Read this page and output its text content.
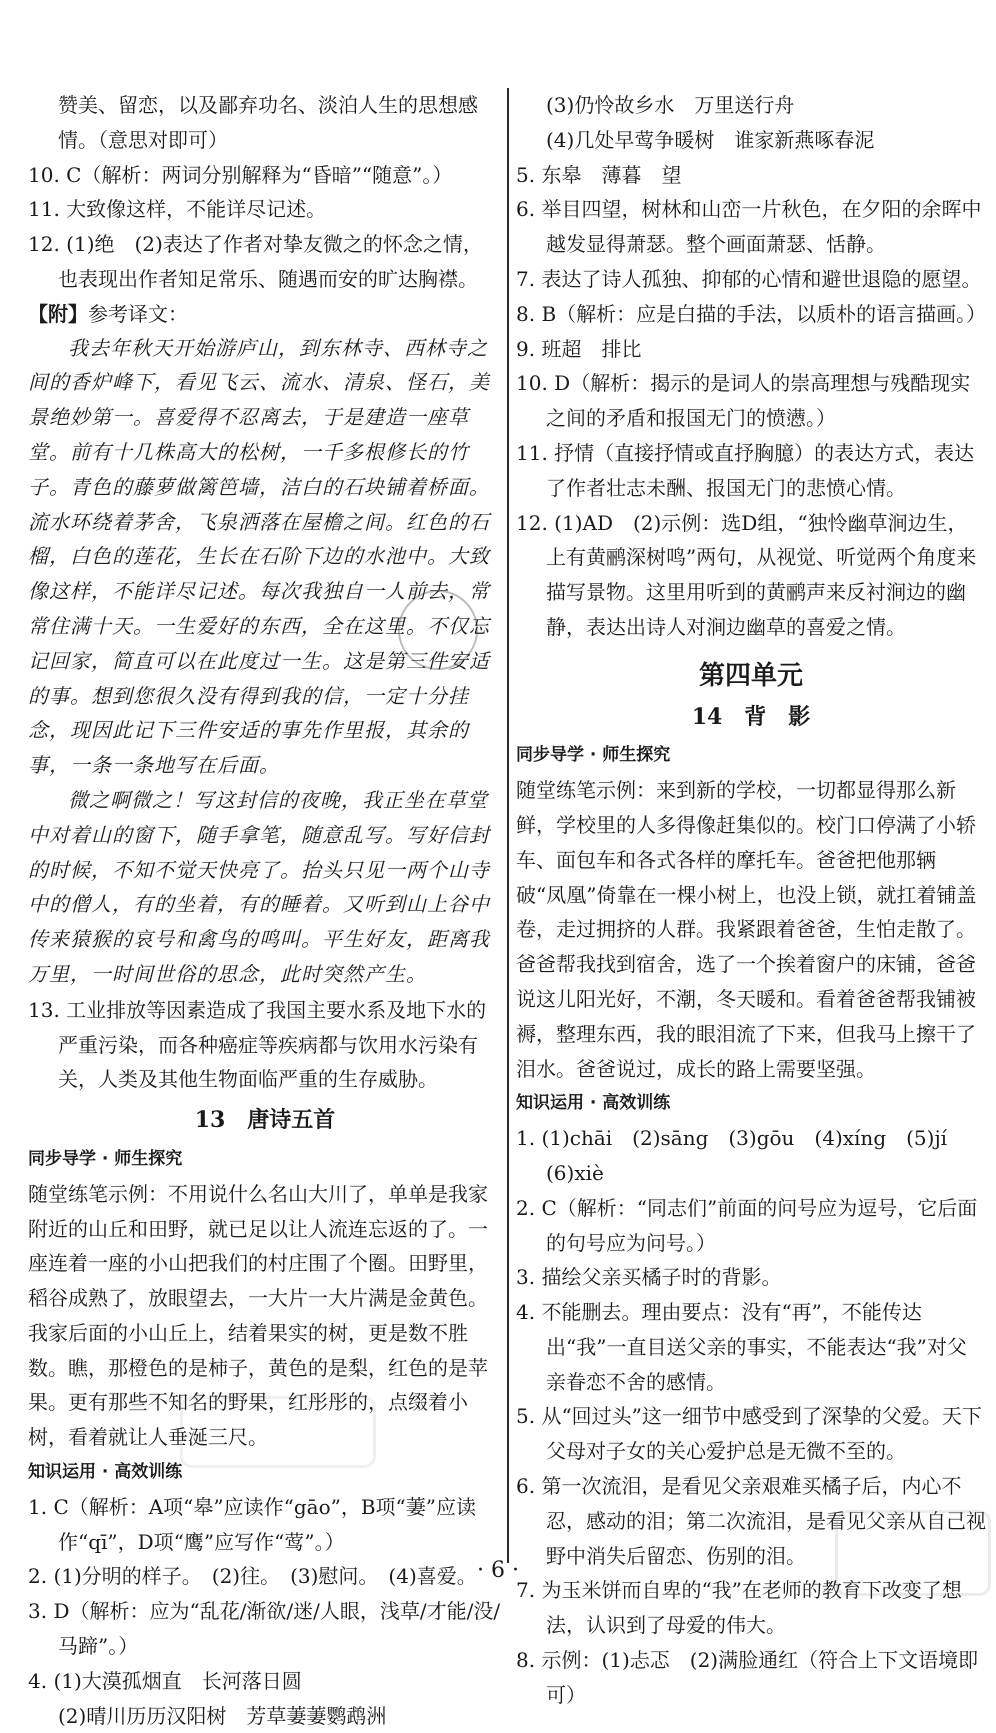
赞美、留恋，以及鄙弃功名、淡泊人生的思想感情。（意思对即可）

10. C（解析：两词分别解释为“昏暗”“随意”。）

11. 大致像这样，不能详尽记述。

12. (1)绝　(2)表达了作者对挚友微之的怀念之情，也表现出作者知足常乐、随遇而安的旷达胸襟。

【附】参考译文：

我去年秋天开始游庐山，到东林寺、西林寺之间的香炉峰下，看见飞云、流水、清泉、怪石，美景绝妙第一。喜爱得不忍离去，于是建造一座草堂。前有十几株高大的松树，一千多根修长的竹子。青色的藤萝做篱笆墙，洁白的石块铺着桥面。流水环绕着茅舍，飞泉洒落在屋檐之间。红色的石榴，白色的莲花，生长在石阶下边的水池中。大致像这样，不能详尽记述。每次我独自一人前去，常常住满十天。一生爱好的东西，全在这里。不仅忘记回家，简直可以在此度过一生。这是第三件安适的事。想到您很久没有得到我的信，一定十分挂念，现因此记下三件安适的事先作里报，其余的事，一条一条地写在后面。

微之啊微之！写这封信的夜晚，我正坐在草堂中对着山的窗下，随手拿笔，随意乱写。写好信封的时候，不知不觉天快亮了。抬头只见一两个山寺中的僧人，有的坐着，有的睡着。又听到山上谷中传来猿猴的哀号和禽鸟的鸣叫。平生好友，距离我万里，一时间世俗的思念，此时突然产生。

13. 工业排放等因素造成了我国主要水系及地下水的严重污染，而各种癌症等疾病都与饮用水污染有关，人类及其他生物面临严重的生存威胁。

13　唐诗五首

同步导学 · 师生探究

随堂练笔示例：不用说什么名山大川了，单单是我家附近的山丘和田野，就已足以让人流连忘返的了。一座连着一座的小山把我们的村庄围了个圈。田野里，稻谷成熟了，放眼望去，一大片一大片满是金黄色。我家后面的小山丘上，结着果实的树，更是数不胜数。瞧，那橙色的是柿子，黄色的是梨，红色的是苹果。更有那些不知名的野果，红彤彤的，点缀着小树，看着就让人垂涎三尺。

知识运用 · 高效训练

1. C（解析：A项“皋”应读作“gāo”，B项“萋”应读作“qī”，D项“鹰”应写作“莺”。）

2. (1)分明的样子。　(2)往。　(3)慰问。　(4)喜爱。

3. D（解析：应为“乱花/渐欲/迷/人眼，浅草/才能/没/马蹄”。）

4. (1)大漠孤烟直　长河落日圆

(2)晴川历历汉阳树　芳草萋萋鹦鹉洲

(3)仍怜故乡水　万里送行舟

(4)几处早莺争暖树　谁家新燕啄春泥

5. 东皋　薄暮　望

6. 举目四望，树林和山峦一片秋色，在夕阳的余晖中越发显得萧瑟。整个画面萧瑟、恬静。

7. 表达了诗人孤独、抑郁的心情和避世退隐的愿望。

8. B（解析：应是白描的手法，以质朴的语言描画。）

9. 班超　排比

10. D（解析：揭示的是词人的崇高理想与残酷现实之间的矛盾和报国无门的愤懑。）

11. 抒情（直接抒情或直抒胸臆）的表达方式，表达了作者壮志未酬、报国无门的悲愤心情。

12. (1)AD　(2)示例：选D组，“独怜幽草涧边生，上有黄鹂深树鸣”两句，从视觉、听觉两个角度来描写景物。这里用听到的黄鹂声来反衬涧边的幽静，表达出诗人对涧边幽草的喜爱之情。

第四单元

14　背　影

同步导学 · 师生探究

随堂练笔示例：来到新的学校，一切都显得那么新鲜，学校里的人多得像赶集似的。校门口停满了小轿车、面包车和各式各样的摩托车。爸爸把他那辆破“凤凰”倚靠在一棵小树上，也没上锁，就扛着铺盖卷，走过拥挤的人群。我紧跟着爸爸，生怕走散了。爸爸帮我找到宿舍，选了一个挨着窗户的床铺，爸爸说这儿阳光好，不潮，冬天暖和。看着爸爸帮我铺被褥，整理东西，我的眼泪流了下来，但我马上擦干了泪水。爸爸说过，成长的路上需要坚强。

知识运用 · 高效训练

1. (1)chāi　(2)sāng　(3)gōu　(4)xíng　(5)jí　(6)xiè

2. C（解析：“同志们”前面的问号应为逗号，它后面的句号应为问号。）

3. 描绘父亲买橘子时的背影。

4. 不能删去。理由要点：没有“再”，不能传达出“我”一直目送父亲的事实，不能表达“我”对父亲眷恋不舍的感情。

5. 从“回过头”这一细节中感受到了深挚的父爱。天下父母对子女的关心爱护总是无微不至的。

6. 第一次流泪，是看见父亲艰难买橘子后，内心不忍，感动的泪；第二次流泪，是看见父亲从自己视野中消失后留恋、伤别的泪。

7. 为玉米饼而自卑的“我”在老师的教育下改变了想法，认识到了母爱的伟大。

8. 示例：(1)忐忑　(2)满脸通红（符合上下文语境即可）

· 6 ·
